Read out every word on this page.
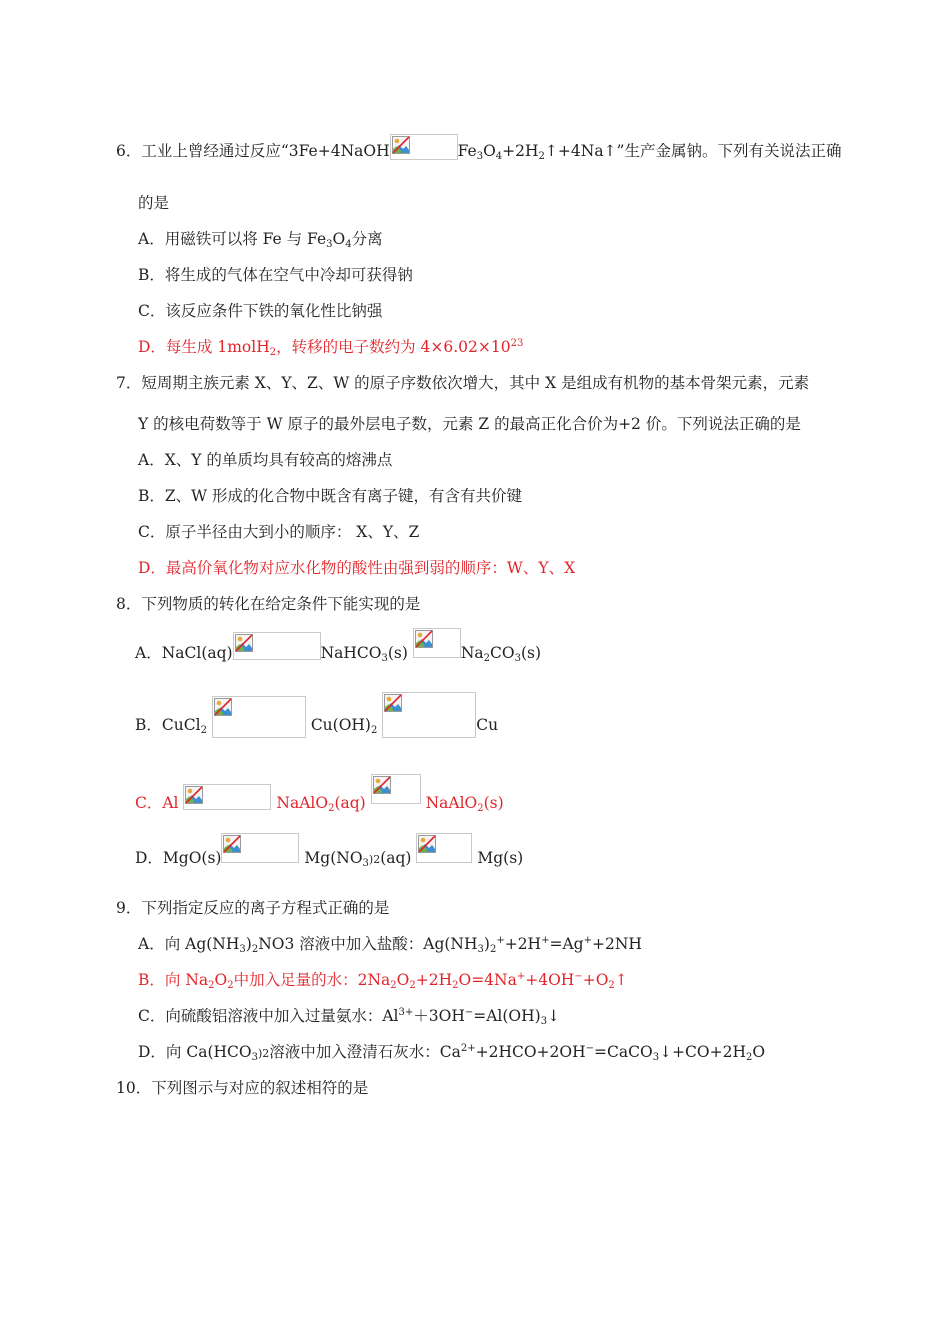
6．工业上曾经通过反应“3Fe+4NaOH	$Fe_3O_4+2H_2↑+4Na↑$”生产金属钠。下列有关说法正确
的是
A．用磁铁可以将 Fe 与 $Fe_3O_4$分离
B．将生成的气体在空气中冷却可获得钠
C．该反应条件下铁的氧化性比钠强
D．每生成 1molH$_2$，转移的电子数约为 $4\times 6.02\times 10^{23}$
7．短周期主族元素 X、Y、Z、W 的原子序数依次增大，其中 X 是组成有机物的基本骨架元素，元素
Y 的核电荷数等于 W 原子的最外层电子数，元素 Z 的最高正化合价为+2 价。下列说法正确的是
A．X、Y 的单质均具有较高的熔沸点
B．Z、W 形成的化合物中既含有离子键，有含有共价键
C．原子半径由大到小的顺序： X、Y、Z
D．最高价氧化物对应水化物的酸性由强到弱的顺序：W、Y、X
8．下列物质的转化在给定条件下能实现的是
A．NaCl(aq)	NaHCO$_3$(s)	$Na_2CO_3(s)$
B．CuCl$_2$	$Cu(OH)_2$	Cu
C．Al	NaAlO$_2$(aq)	NaAlO$_2$(s)
D．MgO(s)	$Mg(NO_3)2(aq)$	Mg(s)
9．下列指定反应的离子方程式正确的是
A．向 $Ag(NH_3)_2NO3$ 溶液中加入盐酸：$Ag(NH_3)_2^++2H^+=Ag^++2NH$
B．向 $Na_2O_2$中加入足量的水：$2Na_2O_2+2H_2O=4Na^++4OH^-+O_2↑$
C．向硫酸铝溶液中加入过量氨水：$Al^{3+}+3OH^-=Al(OH)_3↓$
D．向 $Ca(HCO_3)2$溶液中加入澄清石灰水：$Ca^{2+}+2HCO+2OH^-=CaCO_3↓+CO+2H_2O$
10．下列图示与对应的叙述相符的是
